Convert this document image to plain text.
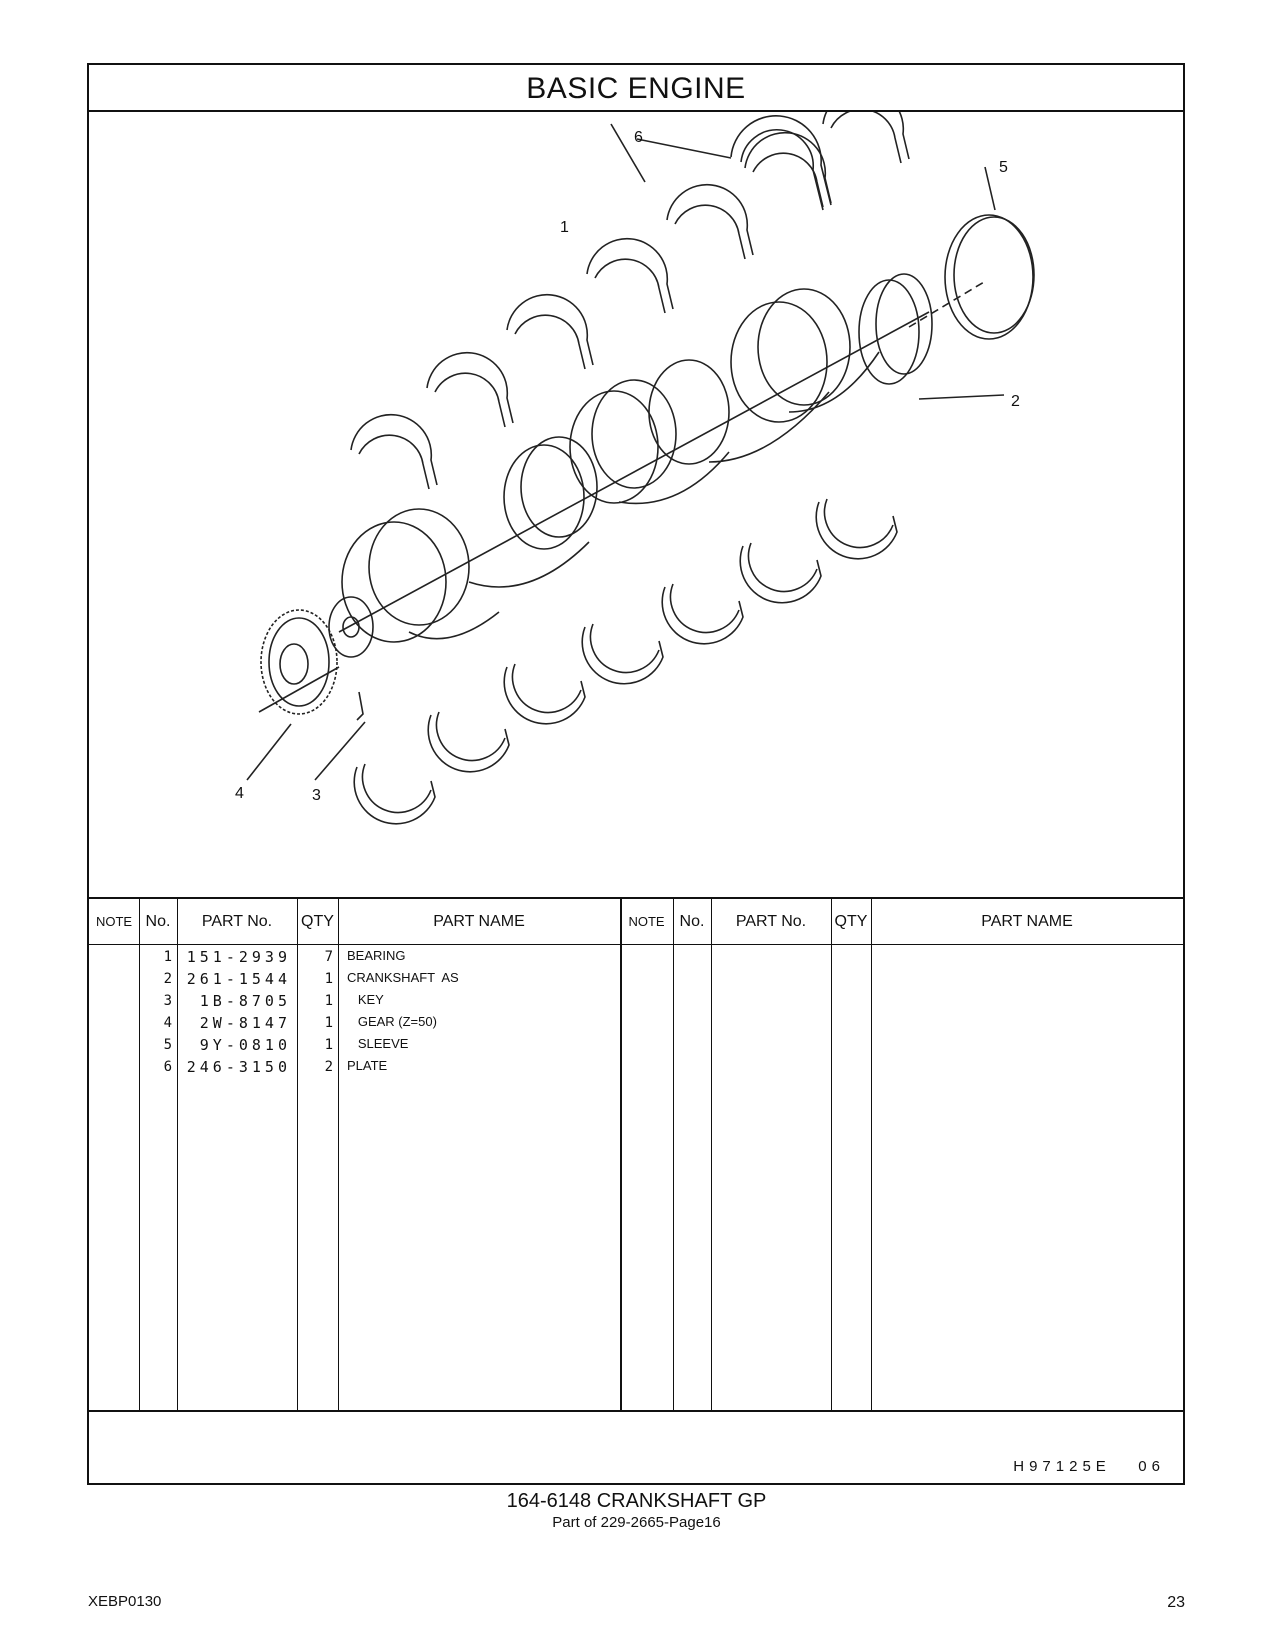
BASIC ENGINE
1
2
3
4
5
6
NOTE No.	PART No.	QTY	PART NAME	NOTE No.	PART No.	QTY	PART NAME
1 151-2939	7 BEARING
2 261-1544	1 CRANKSHAFT  AS
3	1B-8705	1 KEY
4	2W-8147	1 GEAR (Z=50)
5	9Y-0810	1 SLEEVE
6 246-3150	2 PLATE
H97125E   06
164-6148 CRANKSHAFT GP
Part of 229-2665-Page16
XEBP0130	23
